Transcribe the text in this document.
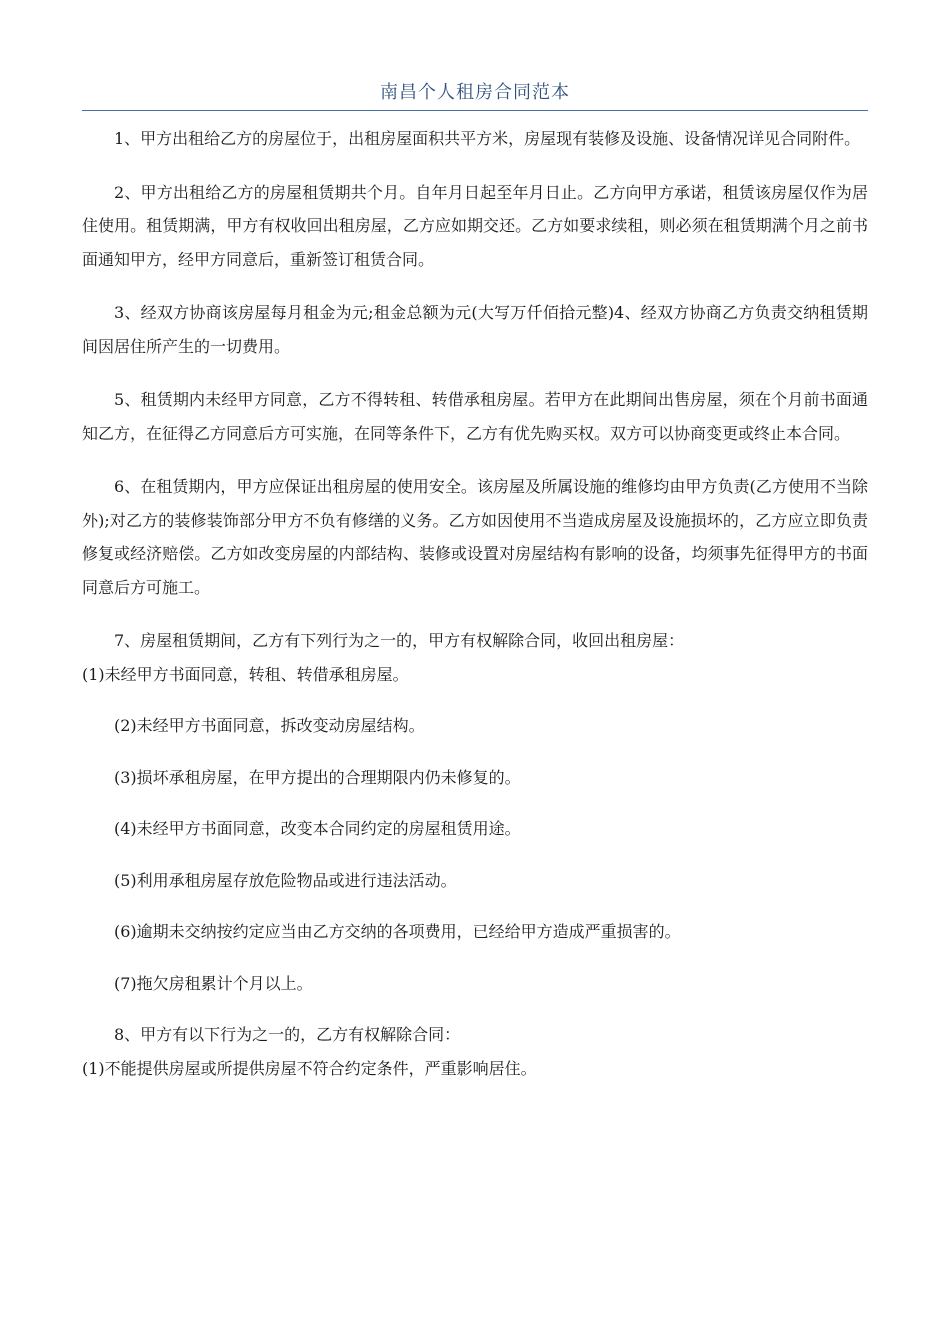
南昌个人租房合同范本

1、甲方出租给乙方的房屋位于，出租房屋面积共平方米，房屋现有装修及设施、设备情况详见合同附件。

2、甲方出租给乙方的房屋租赁期共个月。自年月日起至年月日止。乙方向甲方承诺，租赁该房屋仅作为居住使用。租赁期满，甲方有权收回出租房屋，乙方应如期交还。乙方如要求续租，则必须在租赁期满个月之前书面通知甲方，经甲方同意后，重新签订租赁合同。

3、经双方协商该房屋每月租金为元;租金总额为元(大写万仟佰拾元整)4、经双方协商乙方负责交纳租赁期间因居住所产生的一切费用。

5、租赁期内未经甲方同意，乙方不得转租、转借承租房屋。若甲方在此期间出售房屋，须在个月前书面通知乙方，在征得乙方同意后方可实施，在同等条件下，乙方有优先购买权。双方可以协商变更或终止本合同。

6、在租赁期内，甲方应保证出租房屋的使用安全。该房屋及所属设施的维修均由甲方负责(乙方使用不当除外);对乙方的装修装饰部分甲方不负有修缮的义务。乙方如因使用不当造成房屋及设施损坏的，乙方应立即负责修复或经济赔偿。乙方如改变房屋的内部结构、装修或设置对房屋结构有影响的设备，均须事先征得甲方的书面同意后方可施工。

7、房屋租赁期间，乙方有下列行为之一的，甲方有权解除合同，收回出租房屋：

(1)未经甲方书面同意，转租、转借承租房屋。

(2)未经甲方书面同意，拆改变动房屋结构。

(3)损坏承租房屋，在甲方提出的合理期限内仍未修复的。

(4)未经甲方书面同意，改变本合同约定的房屋租赁用途。

(5)利用承租房屋存放危险物品或进行违法活动。

(6)逾期未交纳按约定应当由乙方交纳的各项费用，已经给甲方造成严重损害的。

(7)拖欠房租累计个月以上。

8、甲方有以下行为之一的，乙方有权解除合同：

(1)不能提供房屋或所提供房屋不符合约定条件，严重影响居住。
